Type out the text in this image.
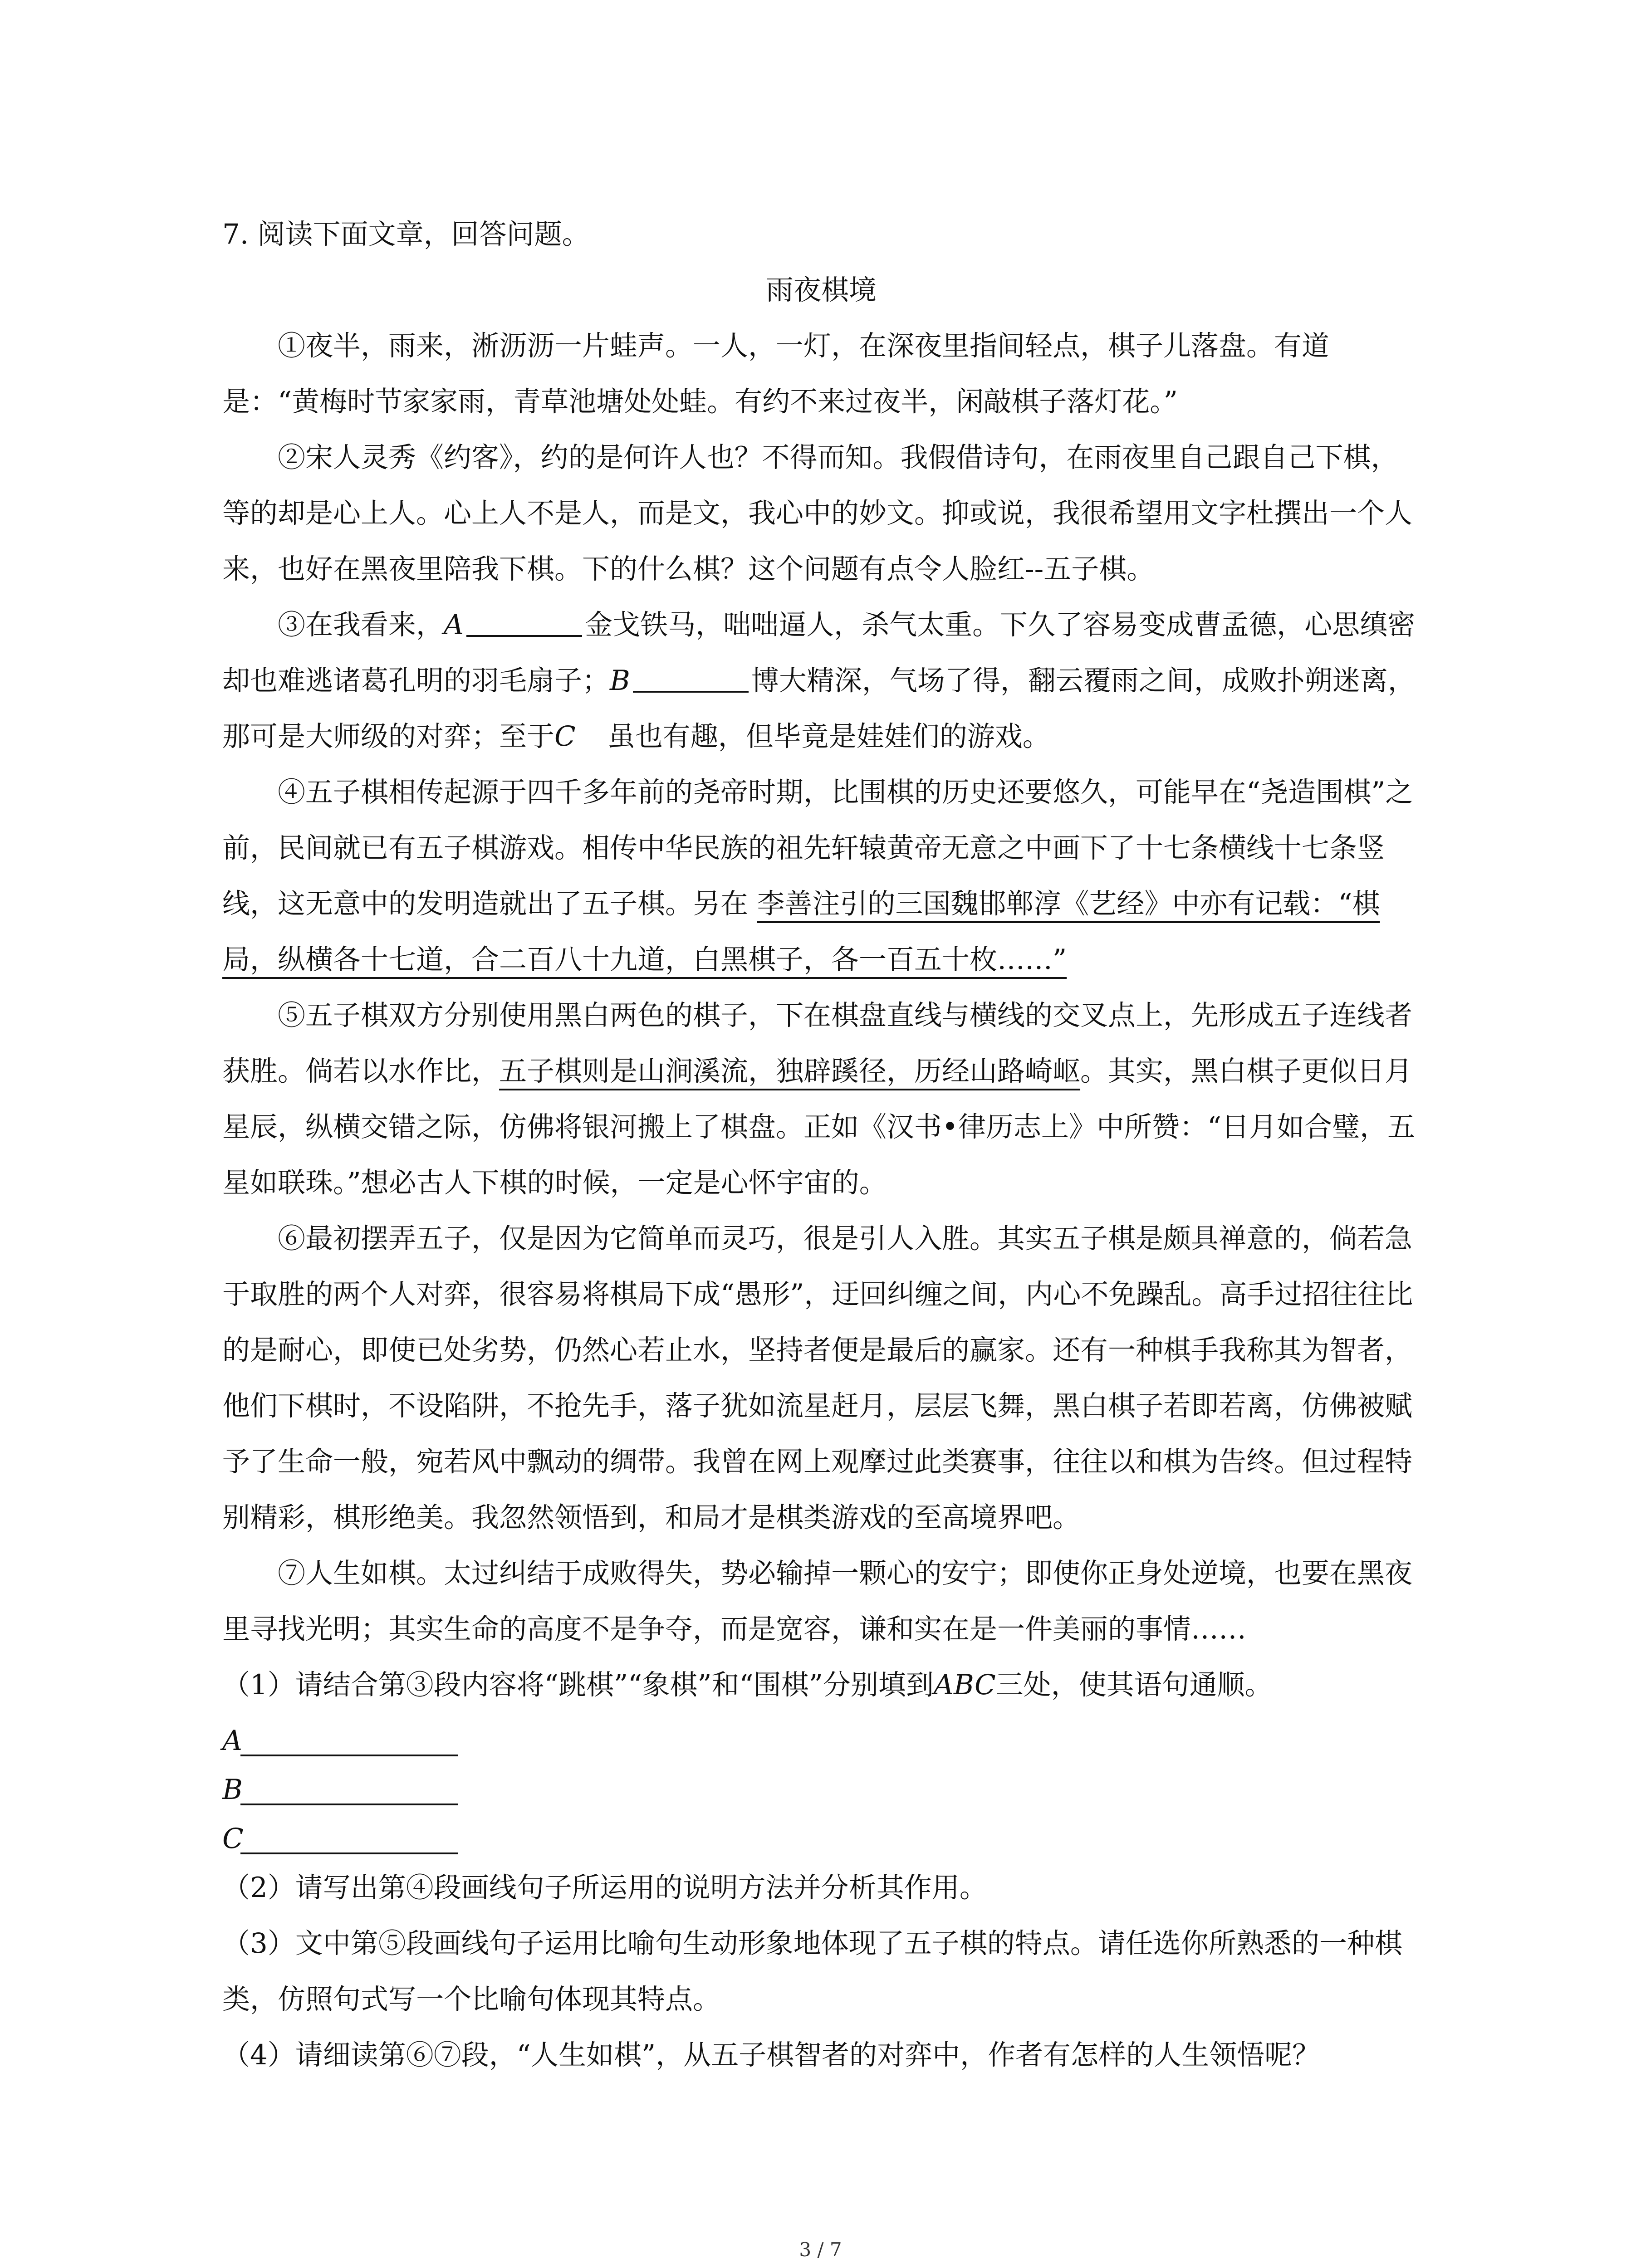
7. 阅读下面文章，回答问题。

雨夜棋境

①夜半，雨来，淅沥沥一片蛙声。一人，一灯，在深夜里指间轻点，棋子儿落盘。有道是：“黄梅时节家家雨，青草池塘处处蛙。有约不来过夜半，闲敲棋子落灯花。”

②宋人灵秀《约客》，约的是何许人也？不得而知。我假借诗句，在雨夜里自己跟自己下棋，等的却是心上人。心上人不是人，而是文，我心中的妙文。抑或说，我很希望用文字杜撰出一个人来，也好在黑夜里陪我下棋。下的什么棋？这个问题有点令人脸红--五子棋。

③在我看来，A	金戈铁马，咄咄逼人，杀气太重。下久了容易变成曹孟德，心思缜密却也难逃诸葛孔明的羽毛扇子；B	博大精深，气场了得，翻云覆雨之间，成败扑朔迷离，那可是大师级的对弈；至于C 虽也有趣，但毕竟是娃娃们的游戏。

④五子棋相传起源于四千多年前的尧帝时期，比围棋的历史还要悠久，可能早在“尧造围棋”之前，民间就已有五子棋游戏。相传中华民族的祖先轩辕黄帝无意之中画下了十七条横线十七条竖线，这无意中的发明造就出了五子棋。另在 李善注引的三国魏邯郸淳《艺经》中亦有记载：“棋局，纵横各十七道，合二百八十九道，白黑棋子，各一百五十枚……”

⑤五子棋双方分别使用黑白两色的棋子，下在棋盘直线与横线的交叉点上，先形成五子连线者获胜。倘若以水作比，五子棋则是山涧溪流，独辟蹊径，历经山路崎岖。其实，黑白棋子更似日月星辰，纵横交错之际，仿佛将银河搬上了棋盘。正如《汉书•律历志上》中所赞：“日月如合璧，五星如联珠。”想必古人下棋的时候，一定是心怀宇宙的。

⑥最初摆弄五子，仅是因为它简单而灵巧，很是引人入胜。其实五子棋是颇具禅意的，倘若急于取胜的两个人对弈，很容易将棋局下成“愚形”，迂回纠缠之间，内心不免躁乱。高手过招往往比的是耐心，即使已处劣势，仍然心若止水，坚持者便是最后的赢家。还有一种棋手我称其为智者，他们下棋时，不设陷阱，不抢先手，落子犹如流星赶月，层层飞舞，黑白棋子若即若离，仿佛被赋予了生命一般，宛若风中飘动的绸带。我曾在网上观摩过此类赛事，往往以和棋为告终。但过程特别精彩，棋形绝美。我忽然领悟到，和局才是棋类游戏的至高境界吧。

⑦人生如棋。太过纠结于成败得失，势必输掉一颗心的安宁；即使你正身处逆境，也要在黑夜里寻找光明；其实生命的高度不是争夺，而是宽容，谦和实在是一件美丽的事情……

（1）请结合第③段内容将“跳棋”“象棋”和“围棋”分别填到ABC三处，使其语句通顺。

A

B

C

（2）请写出第④段画线句子所运用的说明方法并分析其作用。

（3）文中第⑤段画线句子运用比喻句生动形象地体现了五子棋的特点。请任选你所熟悉的一种棋类，仿照句式写一个比喻句体现其特点。

（4）请细读第⑥⑦段，“人生如棋”，从五子棋智者的对弈中，作者有怎样的人生领悟呢？

3 / 7
